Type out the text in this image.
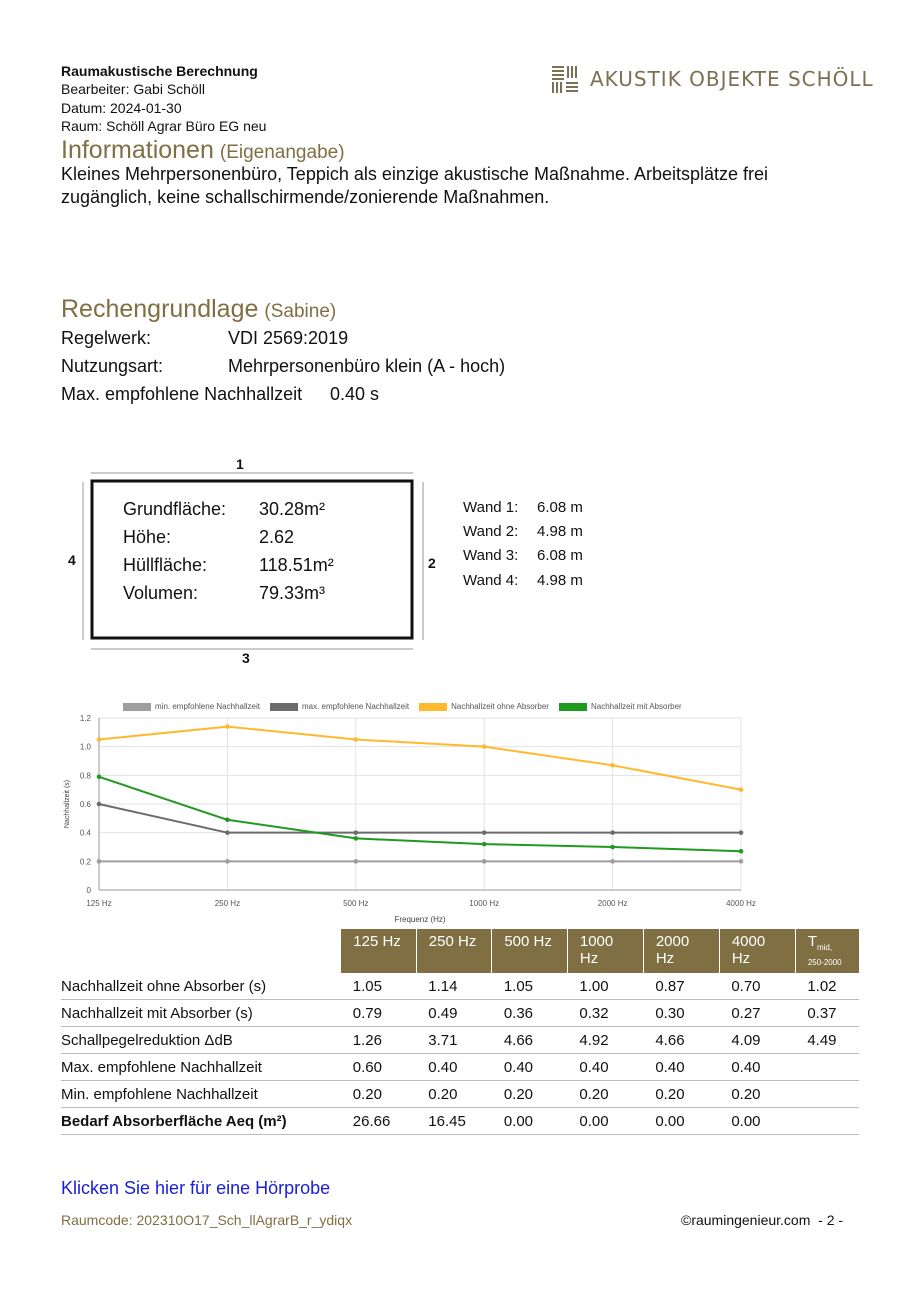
Raumakustische Berechnung
Bearbeiter: Gabi Schöll
Datum: 2024-01-30
Raum: Schöll Agrar Büro EG neu
AKUSTIK OBJEKTE SCHÖLL
Informationen (Eigenangabe)
Kleines Mehrpersonenbüro, Teppich als einzige akustische Maßnahme. Arbeitsplätze frei zugänglich, keine schallschirmende/zonierende Maßnahmen.
Rechengrundlage (Sabine)
Regelwerk:	VDI 2569:2019
Nutzungsart:	Mehrpersonenbüro klein (A - hoch)
Max. empfohlene Nachhallzeit 0.40 s
1
2
3
4
Grundfläche: 30.28m²
Höhe:	2.62
Hüllfläche:	118.51m²
Volumen:	79.33m³
Wand 1: 6.08 m
Wand 2: 4.98 m
Wand 3: 6.08 m
Wand 4: 4.98 m
min. empfohlene Nachhallzeit	max. empfohlene Nachhallzeit	Nachhallzeit ohne Absorber	Nachhallzeit mit Absorber
0
0.2
0.4
0.6
0.8
1.0
1.2
125 Hz	250 Hz	500 Hz	1000 Hz	2000 Hz	4000 Hz
Frequenz (Hz)
Nachhallzeit (s)
	125 Hz	250 Hz	500 Hz	1000 Hz	2000 Hz	4000 Hz	$T_{mid,}$
250-2000
Nachhallzeit ohne Absorber (s)	1.05	1.14	1.05	1.00	0.87	0.70	1.02
Nachhallzeit mit Absorber (s)	0.79	0.49	0.36	0.32	0.30	0.27	0.37
Schallpegelreduktion ΔdB	1.26	3.71	4.66	4.92	4.66	4.09	4.49
Max. empfohlene Nachhallzeit	0.60	0.40	0.40	0.40	0.40	0.40	
Min. empfohlene Nachhallzeit	0.20	0.20	0.20	0.20	0.20	0.20	
Bedarf Absorberfläche Aeq (m²)	26.66	16.45	0.00	0.00	0.00	0.00	
Klicken Sie hier für eine Hörprobe
Raumcode: 202310O17_Sch_llAgrarB_r_ydiqx	©raumingenieur.com - 2 -
